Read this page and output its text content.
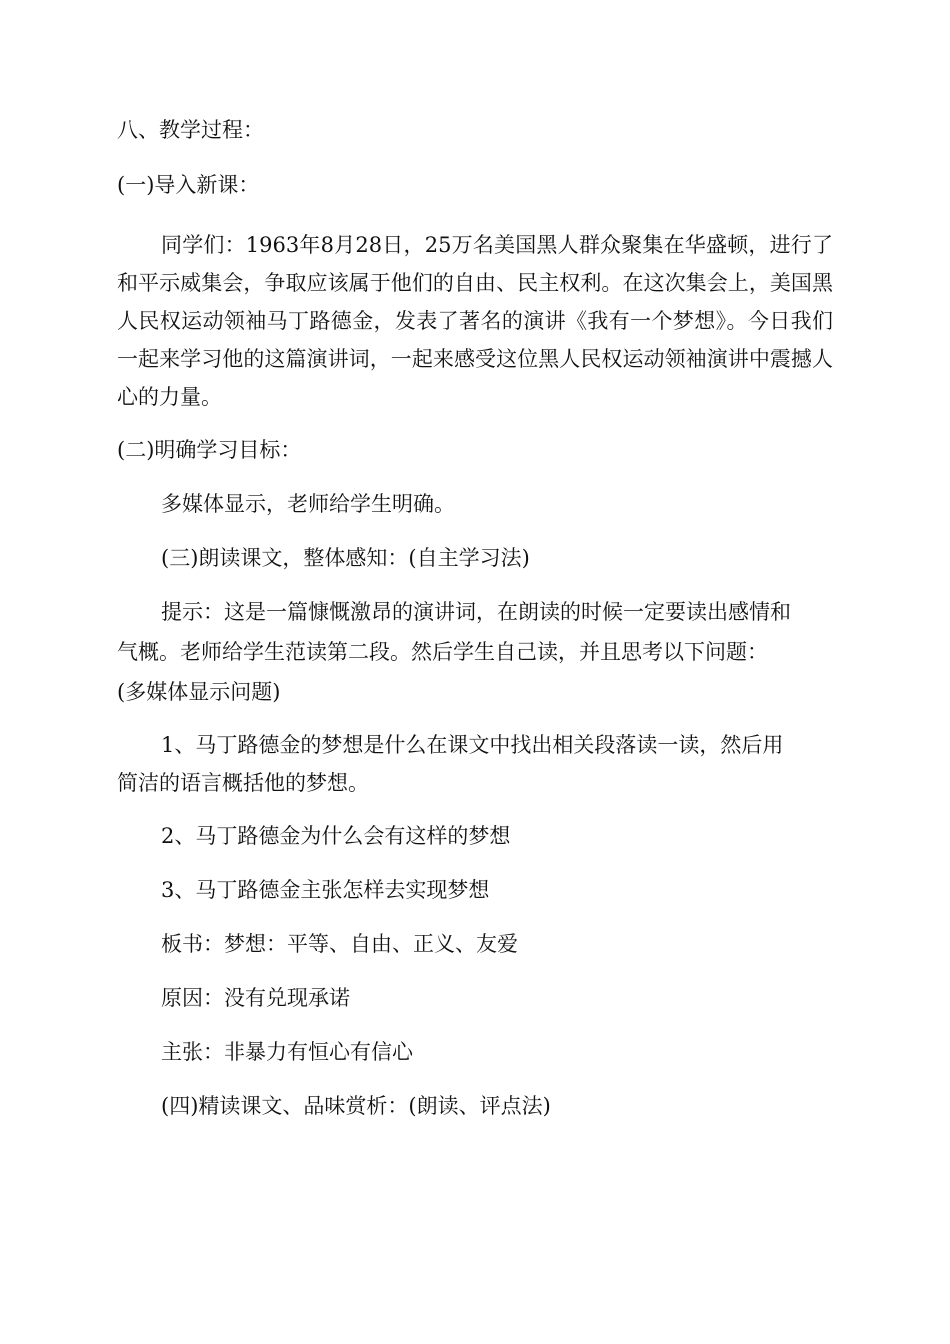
八、教学过程：

(一)导入新课：

同学们：1963年8月28日，25万名美国黑人群众聚集在华盛顿，进行了和平示威集会，争取应该属于他们的自由、民主权利。在这次集会上，美国黑人民权运动领袖马丁路德金，发表了著名的演讲《我有一个梦想》。今日我们一起来学习他的这篇演讲词，一起来感受这位黑人民权运动领袖演讲中震撼人心的力量。

(二)明确学习目标：

多媒体显示，老师给学生明确。

(三)朗读课文，整体感知：(自主学习法)

提示：这是一篇慷慨激昂的演讲词，在朗读的时候一定要读出感情和

气概。老师给学生范读第二段。然后学生自己读，并且思考以下问题：

(多媒体显示问题)

1、马丁路德金的梦想是什么在课文中找出相关段落读一读，然后用

简洁的语言概括他的梦想。

2、马丁路德金为什么会有这样的梦想

3、马丁路德金主张怎样去实现梦想

板书：梦想：平等、自由、正义、友爱

原因：没有兑现承诺

主张：非暴力有恒心有信心

(四)精读课文、品味赏析：(朗读、评点法)
